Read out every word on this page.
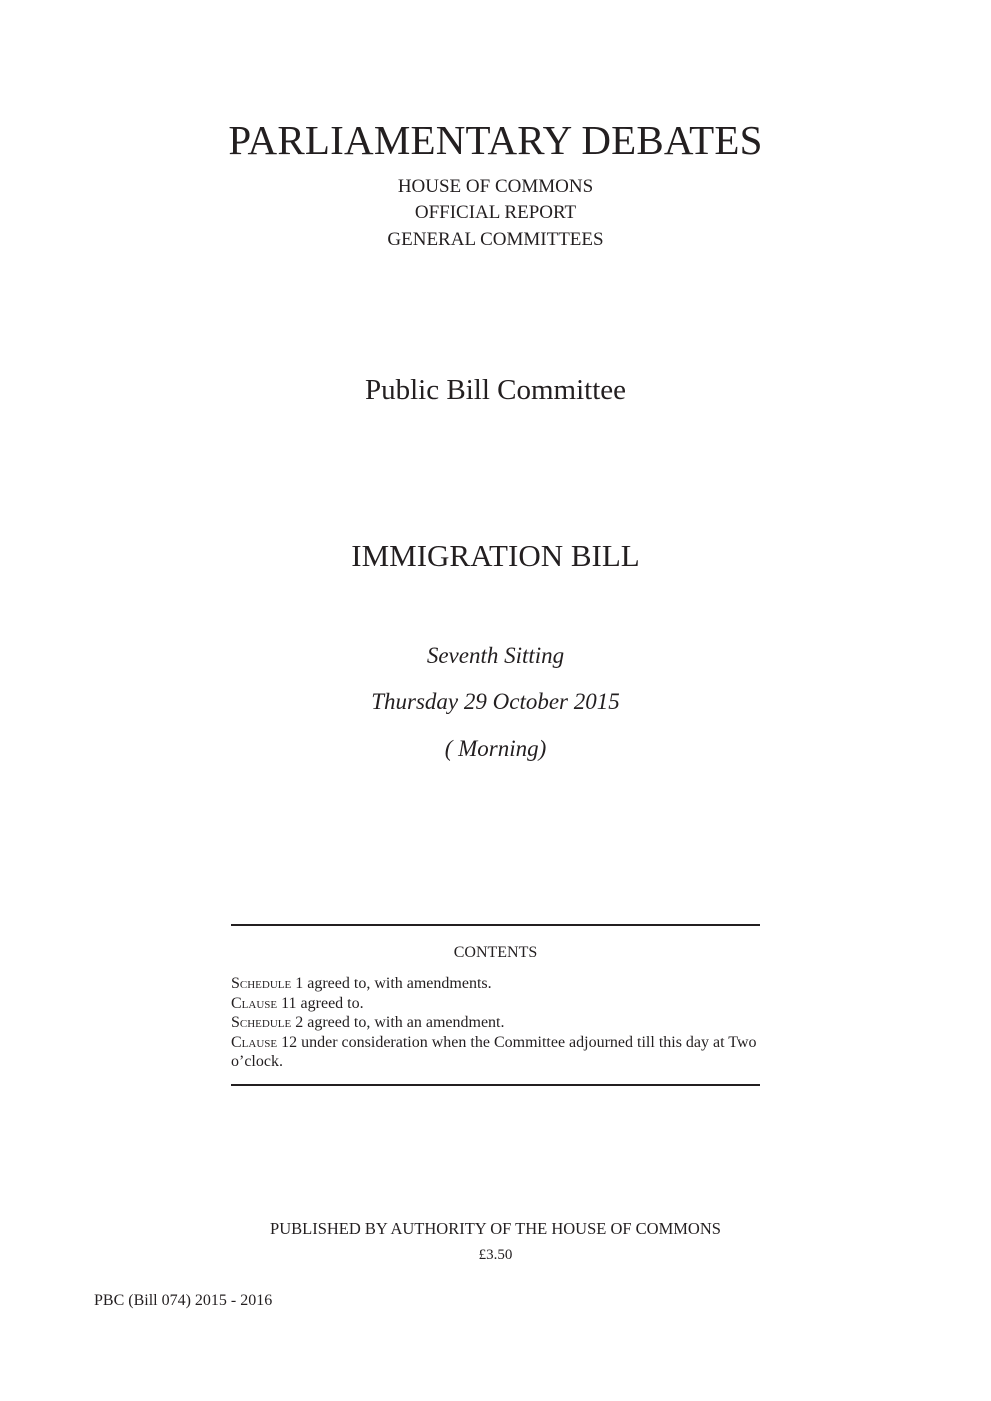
PARLIAMENTARY DEBATES
HOUSE OF COMMONS
OFFICIAL REPORT
GENERAL COMMITTEES
Public Bill Committee
IMMIGRATION BILL
Seventh Sitting
Thursday 29 October 2015
( Morning)
CONTENTS
Schedule 1 agreed to, with amendments.
Clause 11 agreed to.
Schedule 2 agreed to, with an amendment.
Clause 12 under consideration when the Committee adjourned till this day at Two o’clock.
PUBLISHED BY AUTHORITY OF THE HOUSE OF COMMONS
£3.50
PBC (Bill 074) 2015 - 2016
